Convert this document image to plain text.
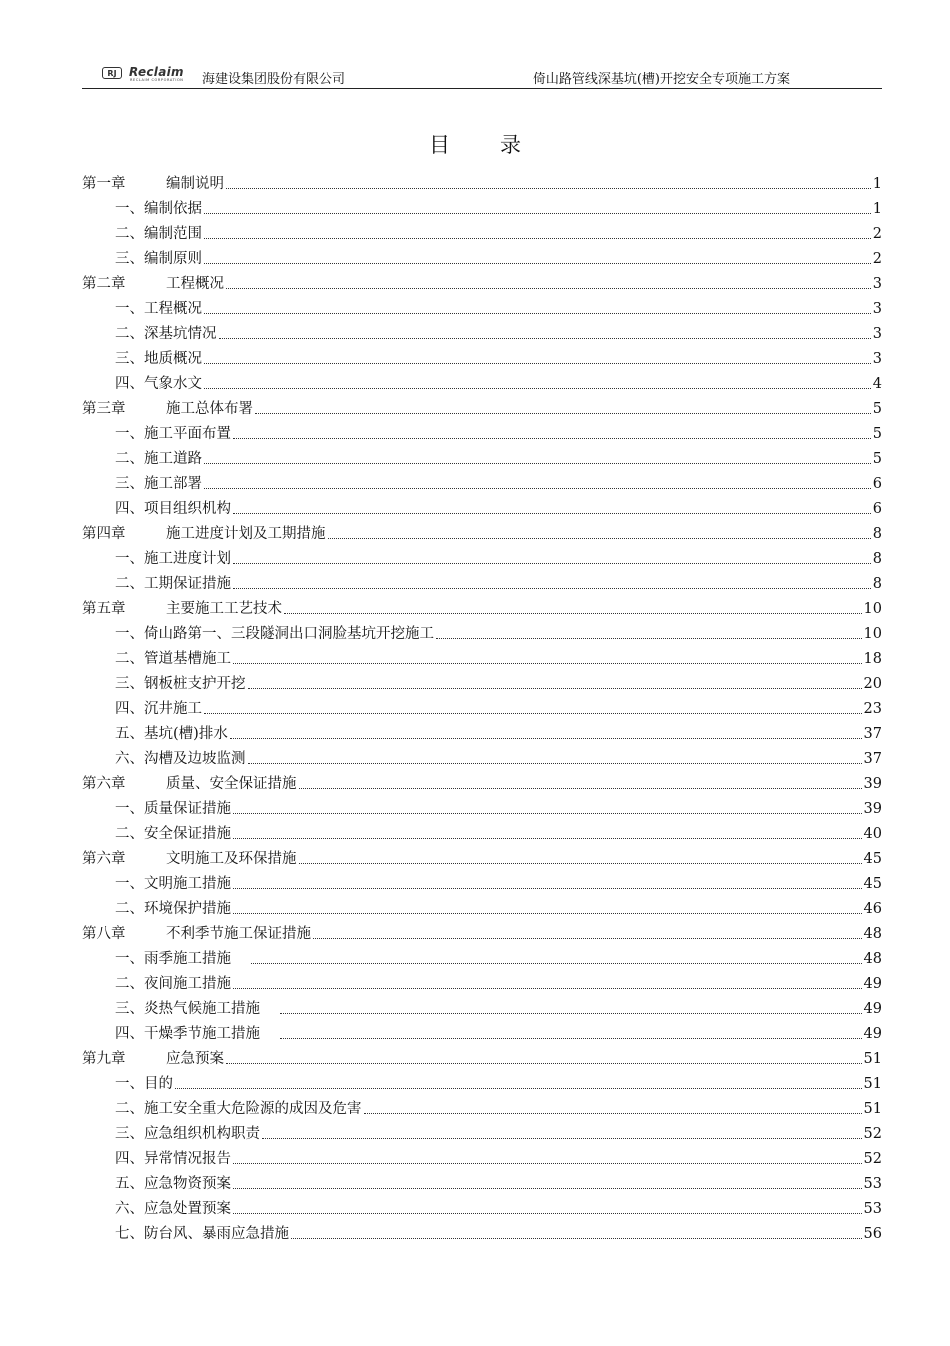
RJ	Reclaim
RECLAIM CORPORATION 海建设集团股份有限公司	倚山路管线深基坑(槽)开挖安全专项施工方案
目录
第一章	编制说明	1
一、编制依据	1
二、编制范围	2
三、编制原则	2
第二章	工程概况	3
一、工程概况	3
二、深基坑情况	3
三、地质概况	3
四、气象水文	4
第三章	施工总体布署	5
一、施工平面布置	5
二、施工道路	5
三、施工部署	6
四、项目组织机构	6
第四章	施工进度计划及工期措施	8
一、施工进度计划	8
二、工期保证措施	8
第五章	主要施工工艺技术	10
一、倚山路第一、三段隧洞出口洞脸基坑开挖施工	10
二、管道基槽施工	18
三、钢板桩支护开挖	20
四、沉井施工	23
五、基坑(槽)排水	37
六、沟槽及边坡监测	37
第六章	质量、安全保证措施	39
一、质量保证措施	39
二、安全保证措施	40
第六章	文明施工及环保措施	45
一、文明施工措施	45
二、环境保护措施	46
第八章	不利季节施工保证措施	48
一、雨季施工措施	48
二、夜间施工措施	49
三、炎热气候施工措施	49
四、干燥季节施工措施	49
第九章	应急预案	51
一、目的	51
二、施工安全重大危险源的成因及危害	51
三、应急组织机构职责	52
四、异常情况报告	52
五、应急物资预案	53
六、应急处置预案	53
七、防台风、暴雨应急措施	56
